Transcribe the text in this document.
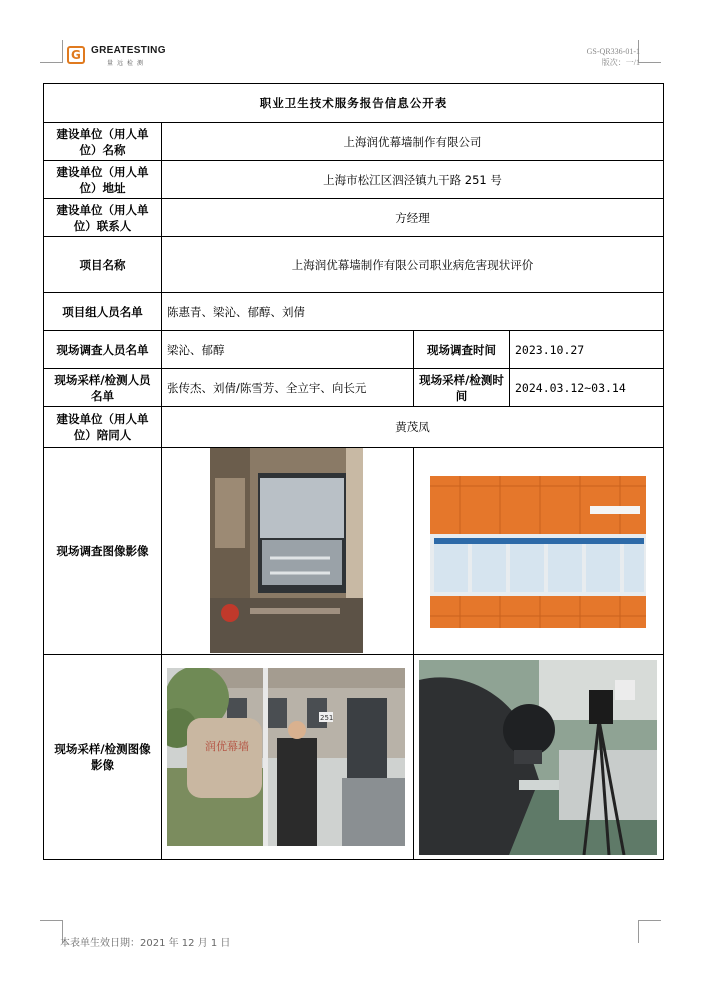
G GREATESTING
量远检测
GS-QR336-01-1
版次：一/1
职业卫生技术服务报告信息公开表			
建设单位（用人单位）名称	上海润优幕墙制作有限公司		
建设单位（用人单位）地址	上海市松江区泗泾镇九干路 251 号		
建设单位（用人单位）联系人	方经理		
项目名称	上海润优幕墙制作有限公司职业病危害现状评价		
项目组人员名单	陈惠青、梁沁、郁醇、刘倩		
现场调查人员名单	梁沁、郁醇	现场调查时间	2023.10.27
现场采样/检测人员名单	张传杰、刘倩/陈雪芳、全立宇、向长元	现场采样/检测时间	2024.03.12~03.14
建设单位（用人单位）陪同人	黄茂凤		
现场调查图像影像	

现场采样/检测图像影像	润优幕墙
251

本表单生效日期：2021 年 12 月 1 日
